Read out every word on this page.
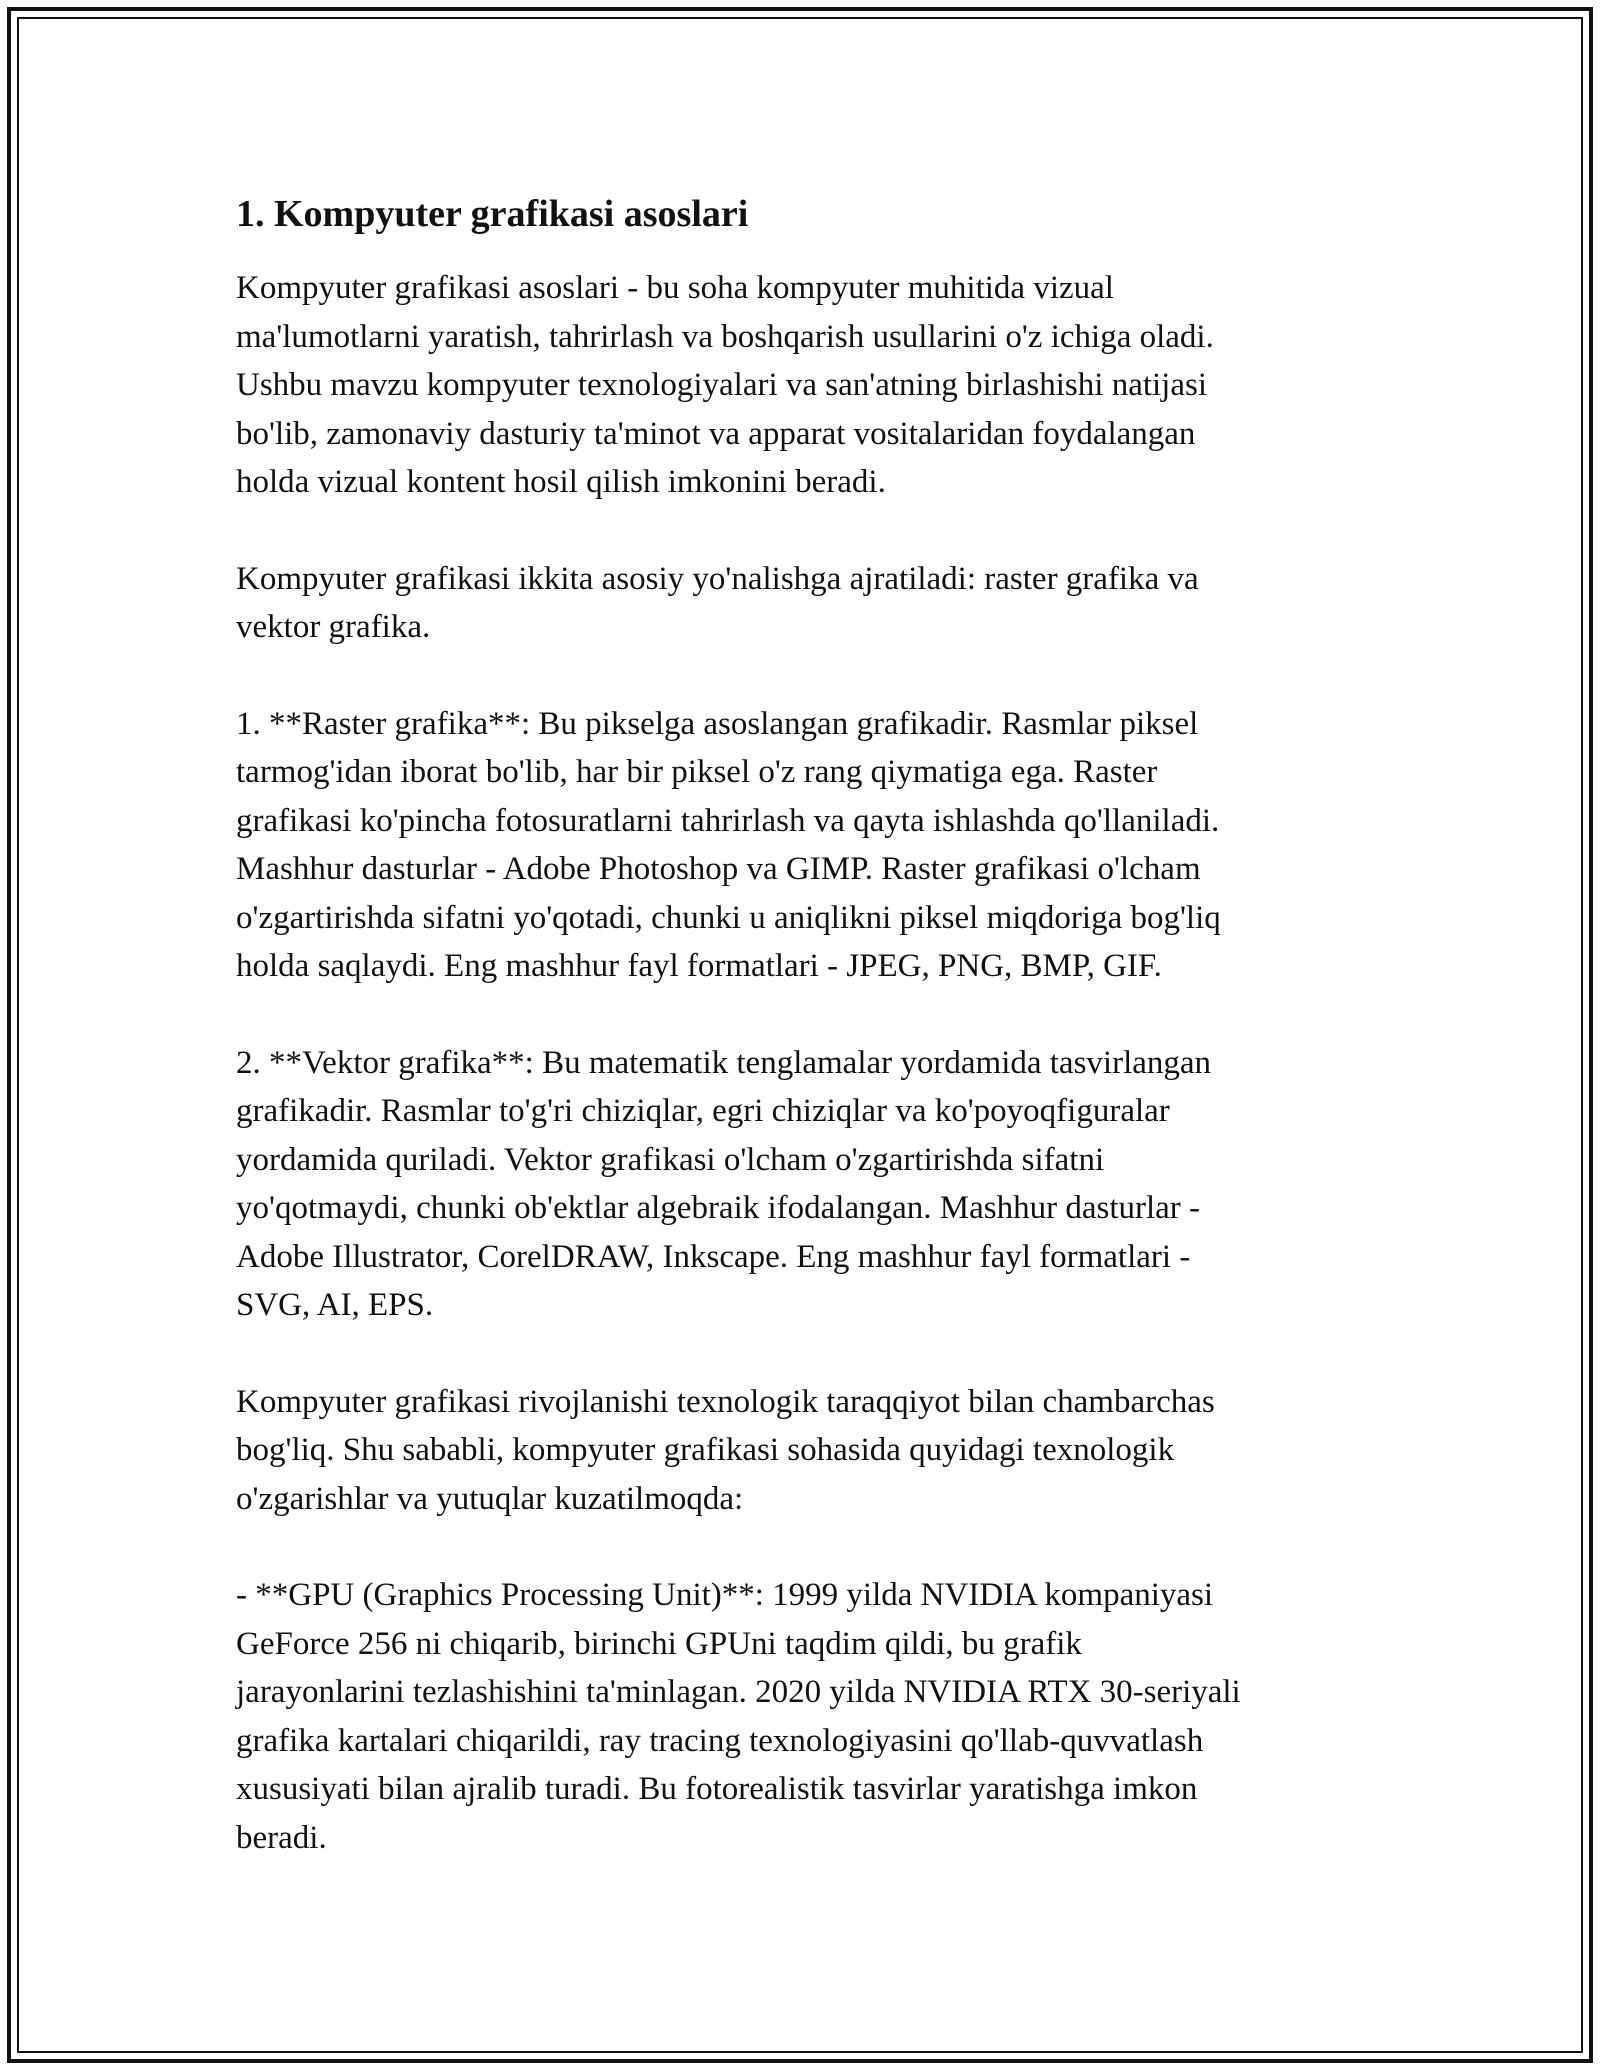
1. Kompyuter grafikasi asoslari

Kompyuter grafikasi asoslari - bu soha kompyuter muhitida vizual
ma'lumotlarni yaratish, tahrirlash va boshqarish usullarini o'z ichiga oladi.
Ushbu mavzu kompyuter texnologiyalari va san'atning birlashishi natijasi
bo'lib, zamonaviy dasturiy ta'minot va apparat vositalaridan foydalangan
holda vizual kontent hosil qilish imkonini beradi.

Kompyuter grafikasi ikkita asosiy yo'nalishga ajratiladi: raster grafika va
vektor grafika.

1. **Raster grafika**: Bu pikselga asoslangan grafikadir. Rasmlar piksel
tarmog'idan iborat bo'lib, har bir piksel o'z rang qiymatiga ega. Raster
grafikasi ko'pincha fotosuratlarni tahrirlash va qayta ishlashda qo'llaniladi.
Mashhur dasturlar - Adobe Photoshop va GIMP. Raster grafikasi o'lcham
o'zgartirishda sifatni yo'qotadi, chunki u aniqlikni piksel miqdoriga bog'liq
holda saqlaydi. Eng mashhur fayl formatlari - JPEG, PNG, BMP, GIF.

2. **Vektor grafika**: Bu matematik tenglamalar yordamida tasvirlangan
grafikadir. Rasmlar to'g'ri chiziqlar, egri chiziqlar va ko'poyoqfiguralar
yordamida quriladi. Vektor grafikasi o'lcham o'zgartirishda sifatni
yo'qotmaydi, chunki ob'ektlar algebraik ifodalangan. Mashhur dasturlar -
Adobe Illustrator, CorelDRAW, Inkscape. Eng mashhur fayl formatlari -
SVG, AI, EPS.

Kompyuter grafikasi rivojlanishi texnologik taraqqiyot bilan chambarchas
bog'liq. Shu sababli, kompyuter grafikasi sohasida quyidagi texnologik
o'zgarishlar va yutuqlar kuzatilmoqda:

- **GPU (Graphics Processing Unit)**: 1999 yilda NVIDIA kompaniyasi
GeForce 256 ni chiqarib, birinchi GPUni taqdim qildi, bu grafik
jarayonlarini tezlashishini ta'minlagan. 2020 yilda NVIDIA RTX 30-seriyali
grafika kartalari chiqarildi, ray tracing texnologiyasini qo'llab-quvvatlash
xususiyati bilan ajralib turadi. Bu fotorealistik tasvirlar yaratishga imkon
beradi.
